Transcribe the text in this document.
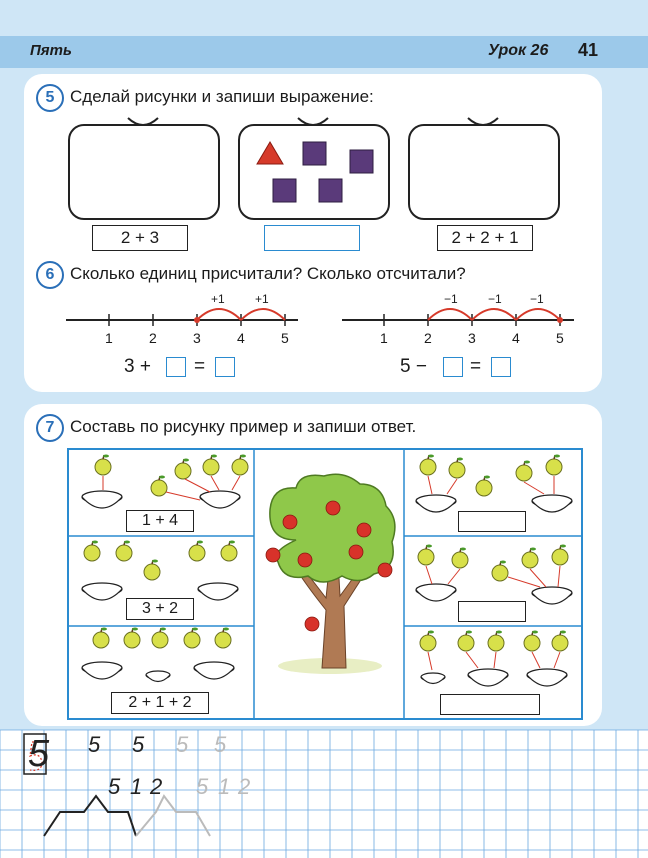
Пять	Урок 26 41
5 Сделай рисунки и запиши выражение:
2 + 3	2 + 2 + 1
6 Сколько единиц присчитали? Сколько отсчитали?
1	2	3	4	5
+1	+1
1	2	3	4	5
−1	−1 −1
3 + =	5 − =
7 Составь по рисунку пример и запиши ответ.
1 + 4
3 + 2
2 + 1 + 2
5 5 5 5 5
5 1 2 5 1 2
